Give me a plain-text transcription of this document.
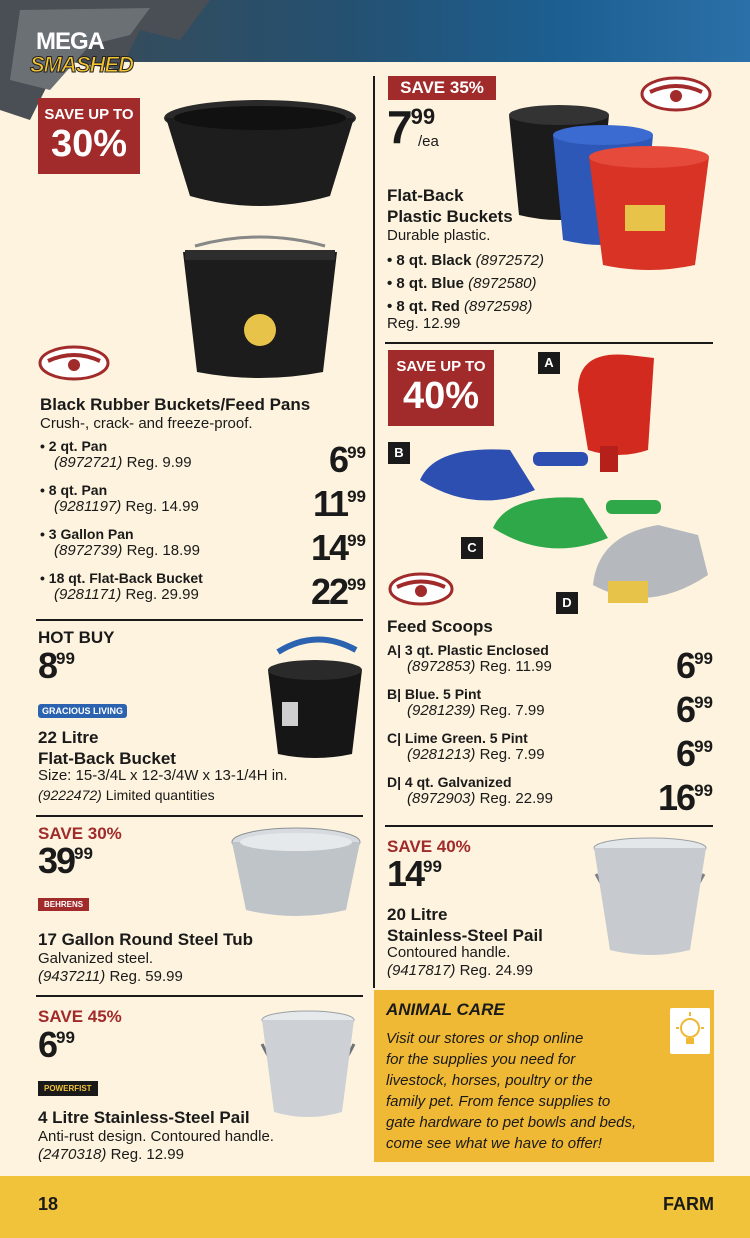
MEGA
SMASHED
SAVE UP TO
30%
Black Rubber Buckets/Feed Pans
Crush-, crack- and freeze-proof.
• 2 qt. Pan
(8972721) Reg. 9.99	$6^{99}$
• 8 qt. Pan
(9281197) Reg. 14.99	$11^{99}$
• 3 Gallon Pan
(8972739) Reg. 18.99	$14^{99}$
• 18 qt. Flat-Back Bucket
(9281171) Reg. 29.99	$22^{99}$
SAVE 35%
$7^{99}$
/ea
Flat-Back
Plastic Buckets
Durable plastic.
• 8 qt. Black (8972572)
• 8 qt. Blue (8972580)
• 8 qt. Red (8972598)
Reg. 12.99
SAVE UP TO
40%
A
B
C
D
Feed Scoops
A| 3 qt. Plastic Enclosed
(8972853) Reg. 11.99	$6^{99}$
B| Blue. 5 Pint
(9281239) Reg. 7.99	$6^{99}$
C| Lime Green. 5 Pint
(9281213) Reg. 7.99	$6^{99}$
D| 4 qt. Galvanized
(8972903) Reg. 22.99	$16^{99}$
HOT BUY
$8^{99}$
GRACIOUS LIVING
22 Litre
Flat-Back Bucket
Size: 15-3/4L x 12-3/4W x 13-1/4H in.
(9222472) Limited quantities
SAVE 30%
$39^{99}$
BEHRENS
17 Gallon Round Steel Tub
Galvanized steel.
(9437211) Reg. 59.99
SAVE 40%
$14^{99}$
20 Litre
Stainless-Steel Pail
Contoured handle.
(9417817) Reg. 24.99
SAVE 45%
$6^{99}$
POWERFIST
4 Litre Stainless-Steel Pail
Anti-rust design. Contoured handle.
(2470318) Reg. 12.99
ANIMAL CARE
Visit our stores or shop online
for the supplies you need for
livestock, horses, poultry or the
family pet. From fence supplies to
gate hardware to pet bowls and beds,
come see what we have to offer!
18	FARM
